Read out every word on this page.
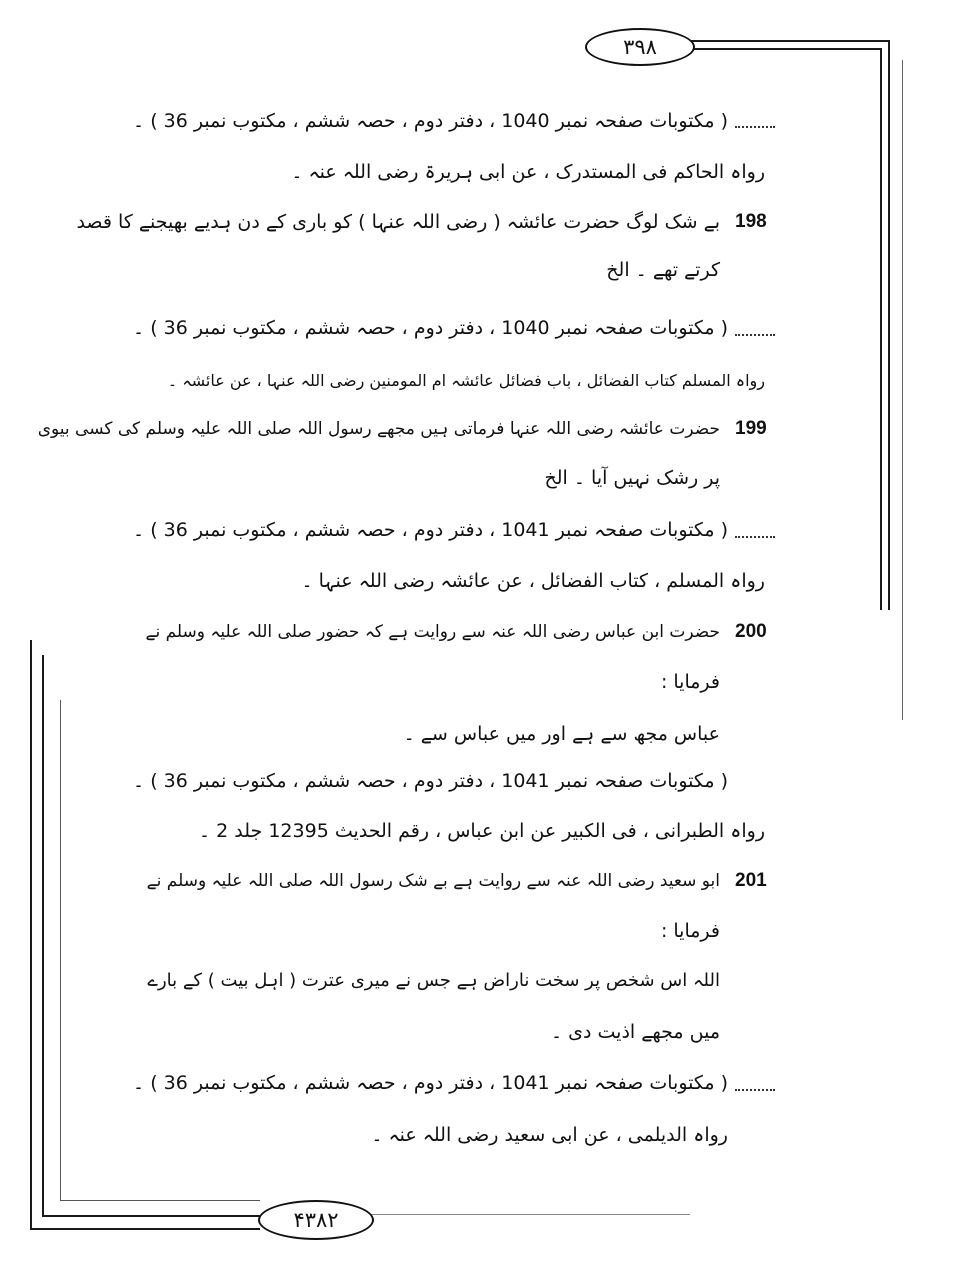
۳۹۸
۴۳۸۲
( مکتوبات صفحہ نمبر 1040 ، دفتر دوم ، حصہ ششم ، مکتوب نمبر 36 ) ۔
رواہ الحاکم فی المستدرک ، عن ابی ہریرۃ رضی اللہ عنہ ۔
198
بے شک لوگ حضرت عائشہ ( رضی اللہ عنہا ) کو باری کے دن ہدیے بھیجنے کا قصد
کرتے تھے ۔ الخ
( مکتوبات صفحہ نمبر 1040 ، دفتر دوم ، حصہ ششم ، مکتوب نمبر 36 ) ۔
رواہ المسلم کتاب الفضائل ، باب فضائل عائشہ ام المومنین رضی اللہ عنہا ، عن عائشہ ۔
199
حضرت عائشہ رضی اللہ عنہا فرماتی ہیں مجھے رسول اللہ صلی اللہ علیہ وسلم کی کسی بیوی
پر رشک نہیں آیا ۔ الخ
( مکتوبات صفحہ نمبر 1041 ، دفتر دوم ، حصہ ششم ، مکتوب نمبر 36 ) ۔
رواہ المسلم ، کتاب الفضائل ، عن عائشہ رضی اللہ عنہا ۔
200
حضرت ابن عباس رضی اللہ عنہ سے روایت ہے کہ حضور صلی اللہ علیہ وسلم نے
فرمایا :
عباس مجھ سے ہے اور میں عباس سے ۔
( مکتوبات صفحہ نمبر 1041 ، دفتر دوم ، حصہ ششم ، مکتوب نمبر 36 ) ۔
رواہ الطبرانی ، فی الکبیر عن ابن عباس ، رقم الحدیث 12395 جلد 2 ۔
201
ابو سعید رضی اللہ عنہ سے روایت ہے بے شک رسول اللہ صلی اللہ علیہ وسلم نے
فرمایا :
اللہ اس شخص پر سخت ناراض ہے جس نے میری عترت ( اہل بیت ) کے بارے
میں مجھے اذیت دی ۔
( مکتوبات صفحہ نمبر 1041 ، دفتر دوم ، حصہ ششم ، مکتوب نمبر 36 ) ۔
رواہ الدیلمی ، عن ابی سعید رضی اللہ عنہ ۔
